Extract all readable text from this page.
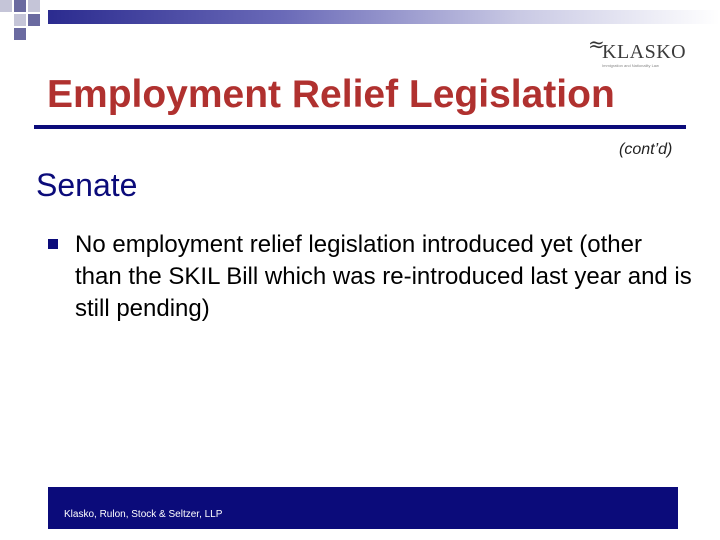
≈
KLASKO
Immigration and Nationality Law
Employment Relief Legislation
(cont’d)
Senate
No employment relief legislation introduced yet (other than the SKIL Bill which was re-introduced last year and is still pending)
Klasko, Rulon, Stock & Seltzer, LLP
